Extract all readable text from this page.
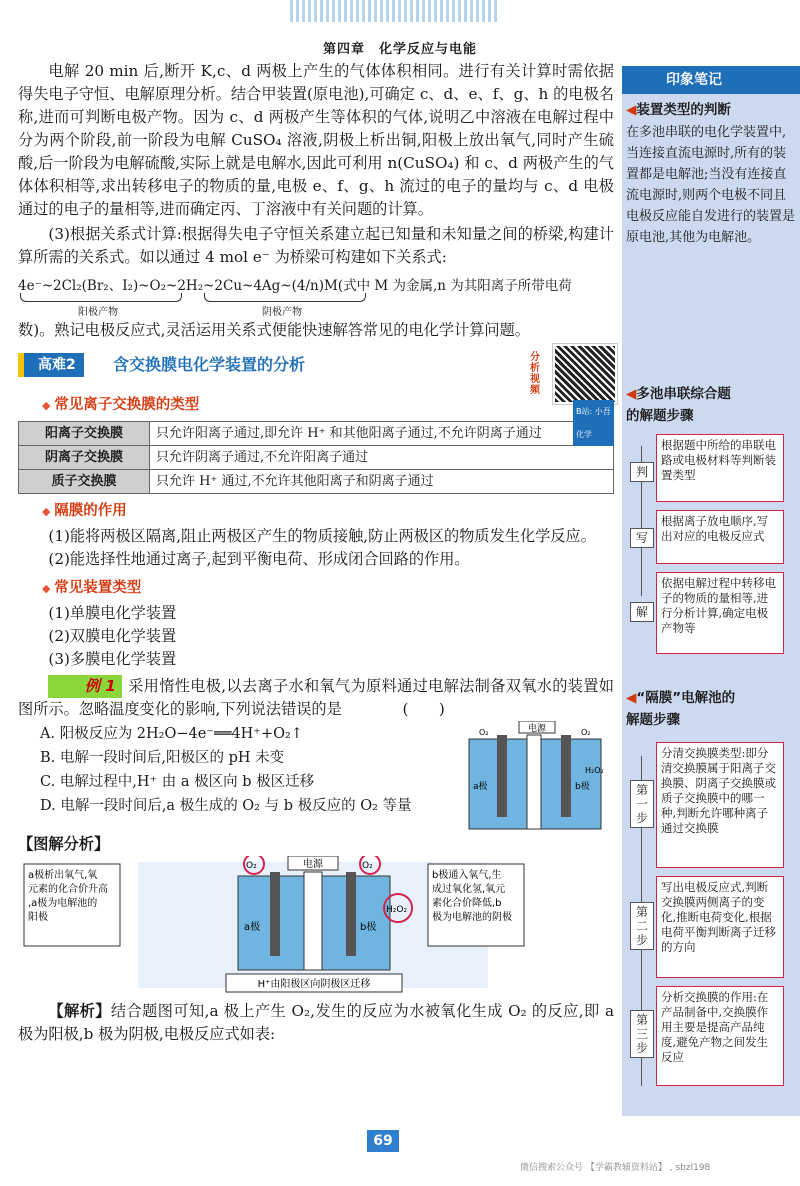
第四章　化学反应与电能

电解 20 min 后,断开 K,c、d 两极上产生的气体体积相同。进行有关计算时需依据得失电子守恒、电解原理分析。结合甲装置(原电池),可确定 c、d、e、f、g、h 的电极名称,进而可判断电极产物。因为 c、d 两极产生等体积的气体,说明乙中溶液在电解过程中分为两个阶段,前一阶段为电解 CuSO₄ 溶液,阴极上析出铜,阳极上放出氧气,同时产生硫酸,后一阶段为电解硫酸,实际上就是电解水,因此可利用 n(CuSO₄) 和 c、d 两极产生的气体体积相等,求出转移电子的物质的量,电极 e、f、g、h 流过的电子的量均与 c、d 电极通过的电子的量相等,进而确定丙、丁溶液中有关问题的计算。

(3)根据关系式计算:根据得失电子守恒关系建立起已知量和未知量之间的桥梁,构建计算所需的关系式。如以通过 4 mol e⁻ 为桥梁可构建如下关系式:

4e⁻~2Cl₂(Br₂、I₂)~O₂~2H₂~2Cu~4Ag~(4/n)M(式中 M 为金属,n 为其阳离子所带电荷
阳极产物	阴极产物

数)。熟记电极反应式,灵活运用关系式便能快速解答常见的电化学计算问题。

高难2	含交换膜电化学装置的分析
B站: 小吾化学
分析视频
◆ 常见离子交换膜的类型
阳离子交换膜	只允许阳离子通过,即允许 H⁺ 和其他阳离子通过,不允许阴离子通过
阴离子交换膜	只允许阴离子通过,不允许阳离子通过
质子交换膜	只允许 H⁺ 通过,不允许其他阳离子和阴离子通过
◆ 隔膜的作用

(1)能将两极区隔离,阻止两极区产生的物质接触,防止两极区的物质发生化学反应。

(2)能选择性地通过离子,起到平衡电荷、形成闭合回路的作用。

◆ 常见装置类型

(1)单膜电化学装置

(2)双膜电化学装置

(3)多膜电化学装置

例 1 采用惰性电极,以去离子水和氧气为原料通过电解法制备双氧水的装置如图所示。忽略温度变化的影响,下列说法错误的是　　　　(　　)

A. 阳极反应为 2H₂O−4e⁻══4H⁺+O₂↑
B. 电解一段时间后,阳极区的 pH 未变
C. 电解过程中,H⁺ 由 a 极区向 b 极区迁移
D. 电解一段时间后,a 极生成的 O₂ 与 b 极反应的 O₂ 等量
电源
O₂	O₂
H₂O₂
a极	b极
【图解分析】
a极析出氧气,氧元素的化合价升高,a极为电解池的阳极
电源
O₂	O₂
H₂O₂
a极	b极
b极通入氧气,生成过氧化氢,氧元素化合价降低,b 极为电解池的阴极
H⁺由阳极区向阴极区迁移

【解析】结合题图可知,a 极上产生 O₂,发生的反应为水被氧化生成 O₂ 的反应,即 a 极为阳极,b 极为阴极,电极反应式如表:

印象笔记
◀装置类型的判断
在多池串联的电化学装置中,当连接直流电源时,所有的装置都是电解池;当没有连接直流电源时,则两个电极不同且电极反应能自发进行的装置是原电池,其他为电解池。
◀多池串联综合题
的解题步骤
判
根据题中所给的串联电路或电极材料等判断装置类型
写
根据离子放电顺序,写出对应的电极反应式
解
依据电解过程中转移电子的物质的量相等,进行分析计算,确定电极产物等
◀“隔膜”电解池的
解题步骤
第一步
分清交换膜类型:即分清交换膜属于阳离子交换膜、阴离子交换膜或质子交换膜中的哪一种,判断允许哪种离子通过交换膜
第二步
写出电极反应式,判断交换膜两侧离子的变化,推断电荷变化,根据电荷平衡判断离子迁移的方向
第三步
分析交换膜的作用:在产品制备中,交换膜作用主要是提高产品纯度,避免产物之间发生反应
69
微信搜索公众号 【学霸教辅资料站】 , sbzl198
